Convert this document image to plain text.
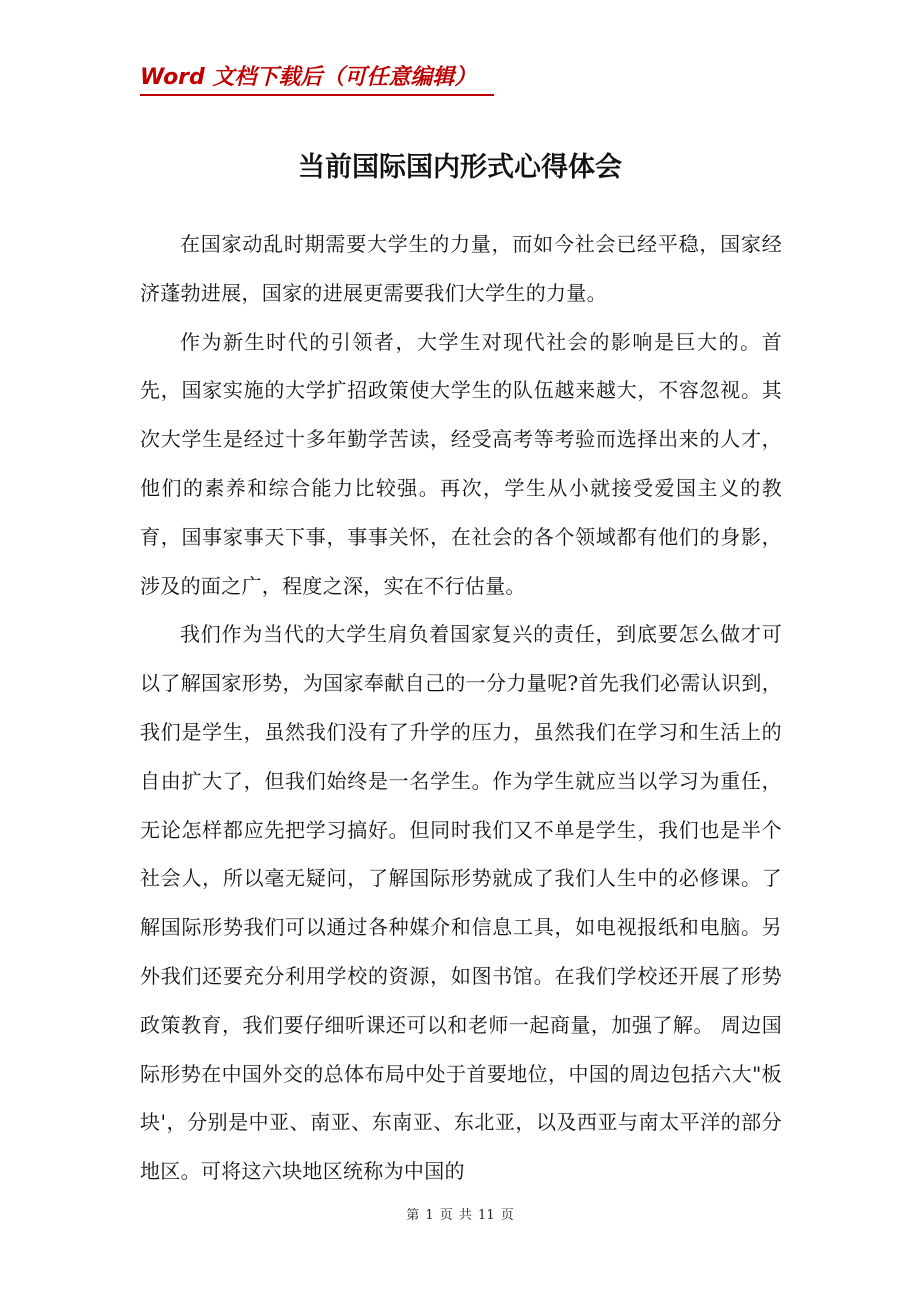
Word 文档下载后（可任意编辑）
当前国际国内形式心得体会

在国家动乱时期需要大学生的力量，而如今社会已经平稳，国家经济蓬勃进展，国家的进展更需要我们大学生的力量。

作为新生时代的引领者，大学生对现代社会的影响是巨大的。首先，国家实施的大学扩招政策使大学生的队伍越来越大，不容忽视。其次大学生是经过十多年勤学苦读，经受高考等考验而选择出来的人才，他们的素养和综合能力比较强。再次，学生从小就接受爱国主义的教育，国事家事天下事，事事关怀，在社会的各个领域都有他们的身影，涉及的面之广，程度之深，实在不行估量。

我们作为当代的大学生肩负着国家复兴的责任，到底要怎么做才可以了解国家形势，为国家奉献自己的一分力量呢?首先我们必需认识到，我们是学生，虽然我们没有了升学的压力，虽然我们在学习和生活上的自由扩大了，但我们始终是一名学生。作为学生就应当以学习为重任，无论怎样都应先把学习搞好。但同时我们又不单是学生，我们也是半个社会人，所以毫无疑问，了解国际形势就成了我们人生中的必修课。了解国际形势我们可以通过各种媒介和信息工具，如电视报纸和电脑。另外我们还要充分利用学校的资源，如图书馆。在我们学校还开展了形势政策教育，我们要仔细听课还可以和老师一起商量，加强了解。 周边国际形势在中国外交的总体布局中处于首要地位，中国的周边包括六大"板块'，分别是中亚、南亚、东南亚、东北亚，以及西亚与南太平洋的部分地区。可将这六块地区统称为中国的

第 1 页 共 11 页
